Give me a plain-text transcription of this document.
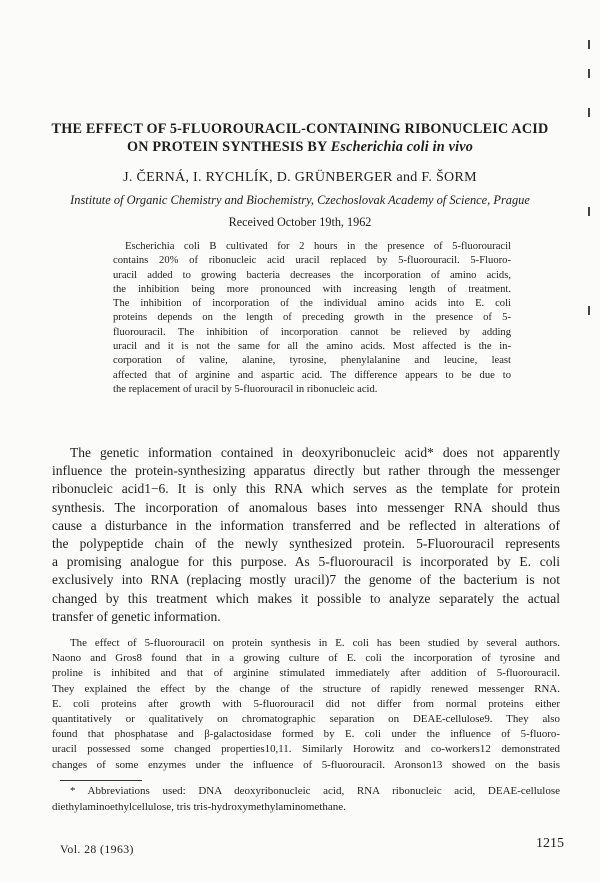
THE EFFECT OF 5-FLUOROURACIL-CONTAINING RIBONUCLEIC ACID
ON PROTEIN SYNTHESIS BY Escherichia coli in vivo
J. ČERNÁ, I. RYCHLÍK, D. GRÜNBERGER and F. ŠORM
Institute of Organic Chemistry and Biochemistry, Czechoslovak Academy of Science, Prague
Received October 19th, 1962

Escherichia coli B cultivated for 2 hours in the presence of 5-fluorouracil
contains 20% of ribonucleic acid uracil replaced by 5-fluorouracil. 5-Fluoro-
uracil added to growing bacteria decreases the incorporation of amino acids,
the inhibition being more pronounced with increasing length of treatment.
The inhibition of incorporation of the individual amino acids into E. coli
proteins depends on the length of preceding growth in the presence of 5-
fluorouracil. The inhibition of incorporation cannot be relieved by adding
uracil and it is not the same for all the amino acids. Most affected is the in-
corporation of valine, alanine, tyrosine, phenylalanine and leucine, least
affected that of arginine and aspartic acid. The difference appears to be due to
the replacement of uracil by 5-fluorouracil in ribonucleic acid.

The genetic information contained in deoxyribonucleic acid* does not apparently
influence the protein-synthesizing apparatus directly but rather through the messenger
ribonucleic acid1−6. It is only this RNA which serves as the template for protein
synthesis. The incorporation of anomalous bases into messenger RNA should thus
cause a disturbance in the information transferred and be reflected in alterations of
the polypeptide chain of the newly synthesized protein. 5-Fluorouracil represents
a promising analogue for this purpose. As 5-fluorouracil is incorporated by E. coli
exclusively into RNA (replacing mostly uracil)7 the genome of the bacterium is not
changed by this treatment which makes it possible to analyze separately the actual
transfer of genetic information.

The effect of 5-fluorouracil on protein synthesis in E. coli has been studied by several authors.
Naono and Gros8 found that in a growing culture of E. coli the incorporation of tyrosine and
proline is inhibited and that of arginine stimulated immediately after addition of 5-fluorouracil.
They explained the effect by the change of the structure of rapidly renewed messenger RNA.
E. coli proteins after growth with 5-fluorouracil did not differ from normal proteins either
quantitatively or qualitatively on chromatographic separation on DEAE-cellulose9. They also
found that phosphatase and β-galactosidase formed by E. coli under the influence of 5-fluoro-
uracil possessed some changed properties10,11. Similarly Horowitz and co-workers12 demonstrated
changes of some enzymes under the influence of 5-fluorouracil. Aronson13 showed on the basis

* Abbreviations used: DNA deoxyribonucleic acid, RNA ribonucleic acid, DEAE-cellulose
diethylaminoethylcellulose, tris tris-hydroxymethylaminomethane.

Vol. 28 (1963)	1215
